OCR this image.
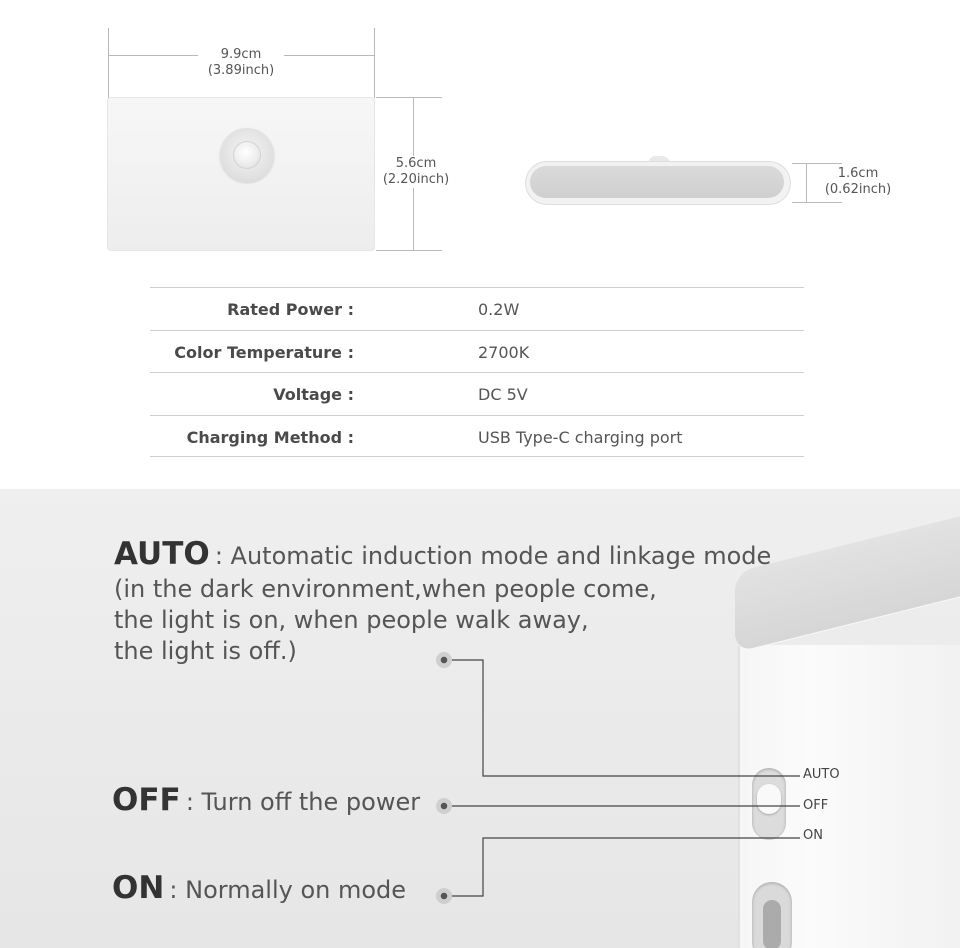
9.9cm
(3.89inch)
5.6cm
(2.20inch)	1.6cm
(0.62inch)
Rated Power :	0.2W
Color Temperature :	2700K
Voltage :	DC 5V
Charging Method :	USB Type-C charging port
AUTO
OFF
ON
AUTO : Automatic induction mode and linkage mode
(in the dark environment,when people come,
the light is on, when people walk away,
the light is off.)
OFF : Turn off the power
ON : Normally on mode
